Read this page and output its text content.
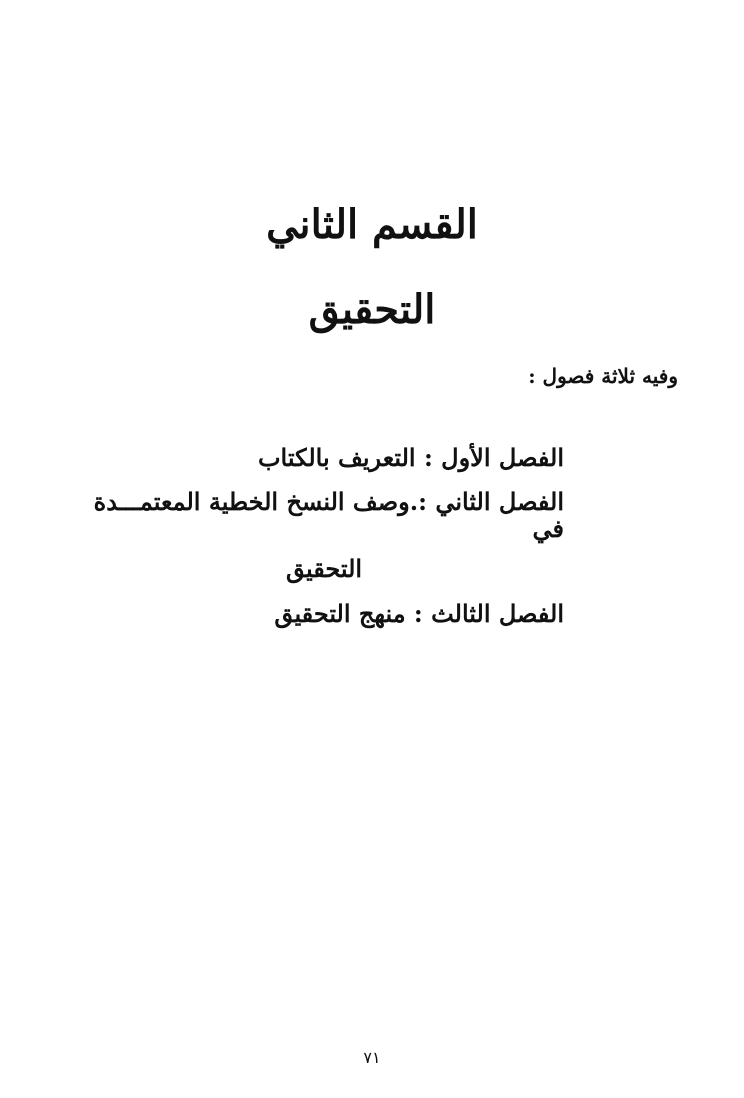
القسم الثاني
التحقيق

وفيه ثلاثة فصول :

الفصل الأول : التعريف بالكتاب
الفصل الثاني :.وصف النسخ الخطية المعتمـــدة في
التحقيق
الفصل الثالث : منهج التحقيق

٧١
